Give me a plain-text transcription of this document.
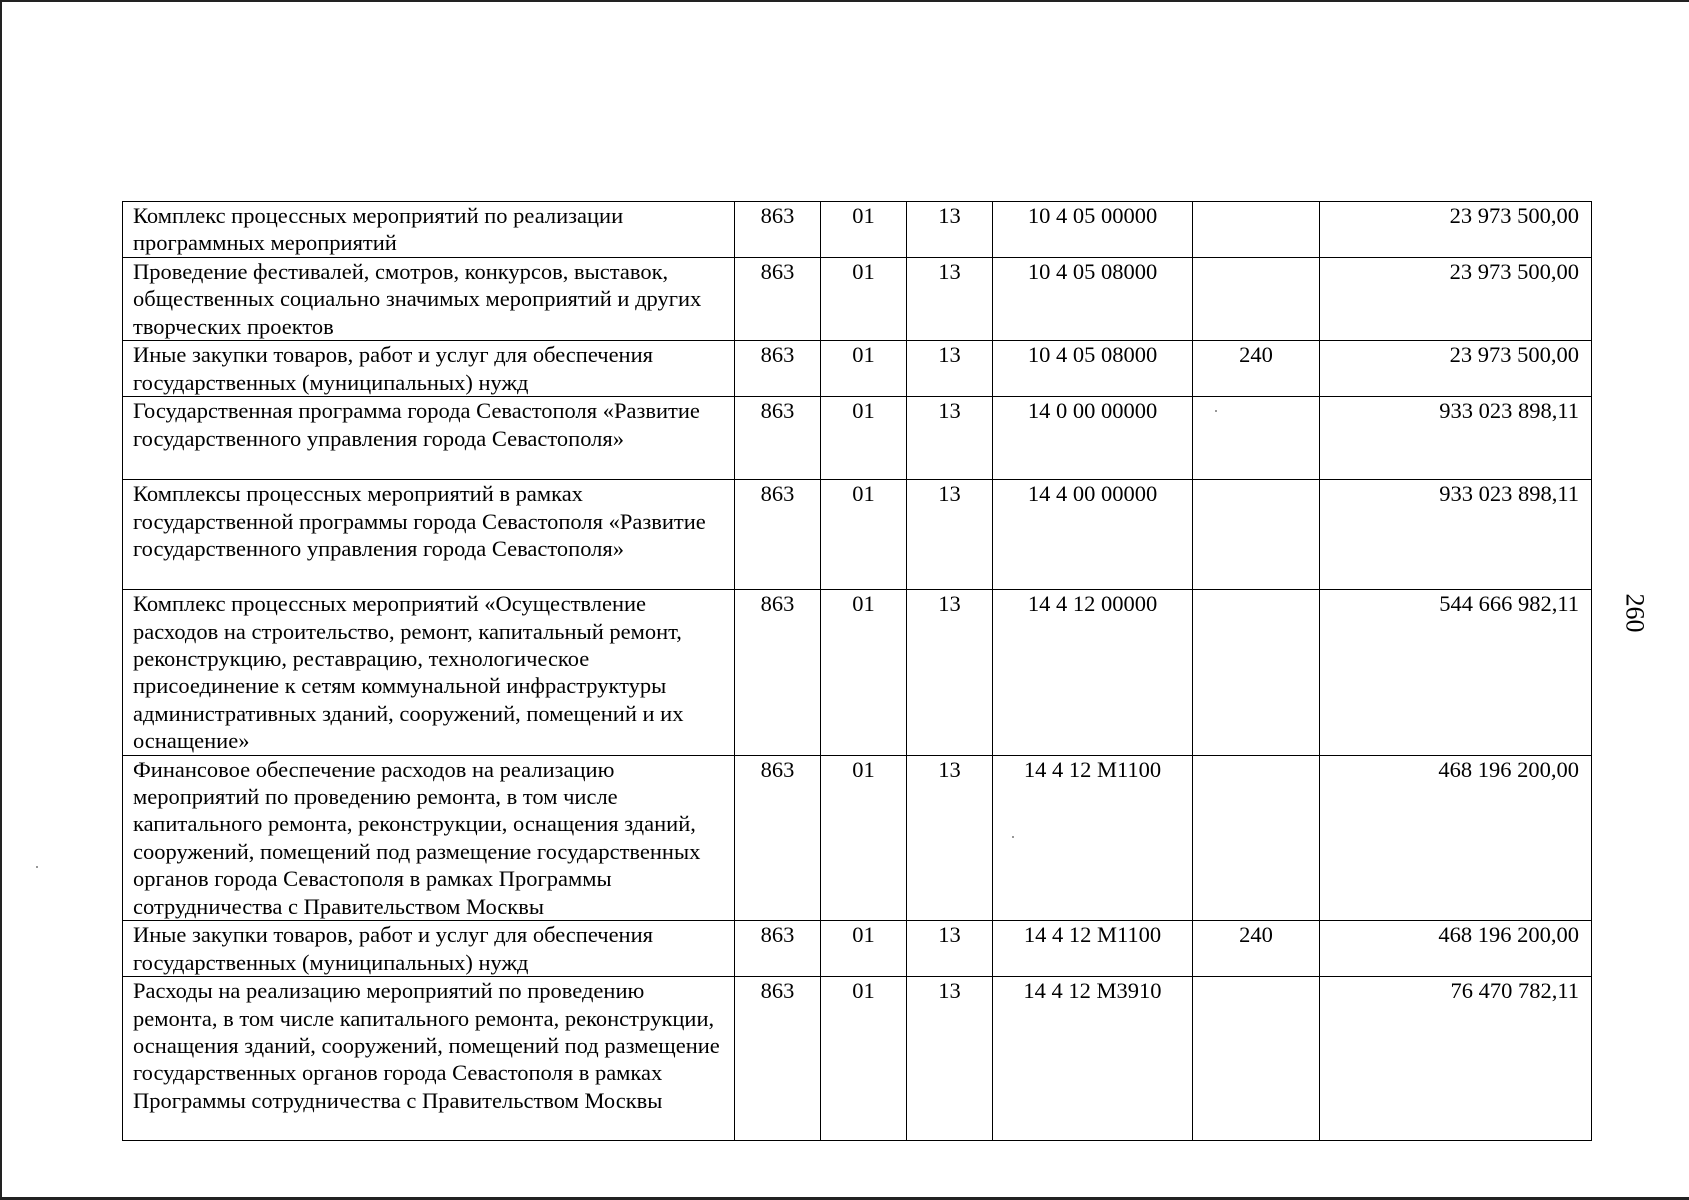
Комплекс процессных мероприятий по реализации программных мероприятий	863	01	13	10 4 05 00000		23 973 500,00
Проведение фестивалей, смотров, конкурсов, выставок, общественных социально значимых мероприятий и других творческих проектов	863	01	13	10 4 05 08000		23 973 500,00
Иные закупки товаров, работ и услуг для обеспечения государственных (муниципальных) нужд	863	01	13	10 4 05 08000	240	23 973 500,00
Государственная программа города Севастополя «Развитие государственного управления города Севастополя»	863	01	13	14 0 00 00000		933 023 898,11
Комплексы процессных мероприятий в рамках государственной программы города Севастополя «Развитие государственного управления города Севастополя»	863	01	13	14 4 00 00000		933 023 898,11
Комплекс процессных мероприятий «Осуществление расходов на строительство, ремонт, капитальный ремонт, реконструкцию, реставрацию, технологическое присоединение к сетям коммунальной инфраструктуры административных зданий, сооружений, помещений и их оснащение»	863	01	13	14 4 12 00000		544 666 982,11
Финансовое обеспечение расходов на реализацию мероприятий по проведению ремонта, в том числе капитального ремонта, реконструкции, оснащения зданий, сооружений, помещений под размещение государственных органов города Севастополя в рамках Программы сотрудничества с Правительством Москвы	863	01	13	14 4 12 M1100		468 196 200,00
Иные закупки товаров, работ и услуг для обеспечения государственных (муниципальных) нужд	863	01	13	14 4 12 M1100	240	468 196 200,00
Расходы на реализацию мероприятий по проведению ремонта, в том числе капитального ремонта, реконструкции, оснащения зданий, сооружений, помещений под размещение государственных органов города Севастополя в рамках Программы сотрудничества с Правительством Москвы	863	01	13	14 4 12 M3910		76 470 782,11
260
